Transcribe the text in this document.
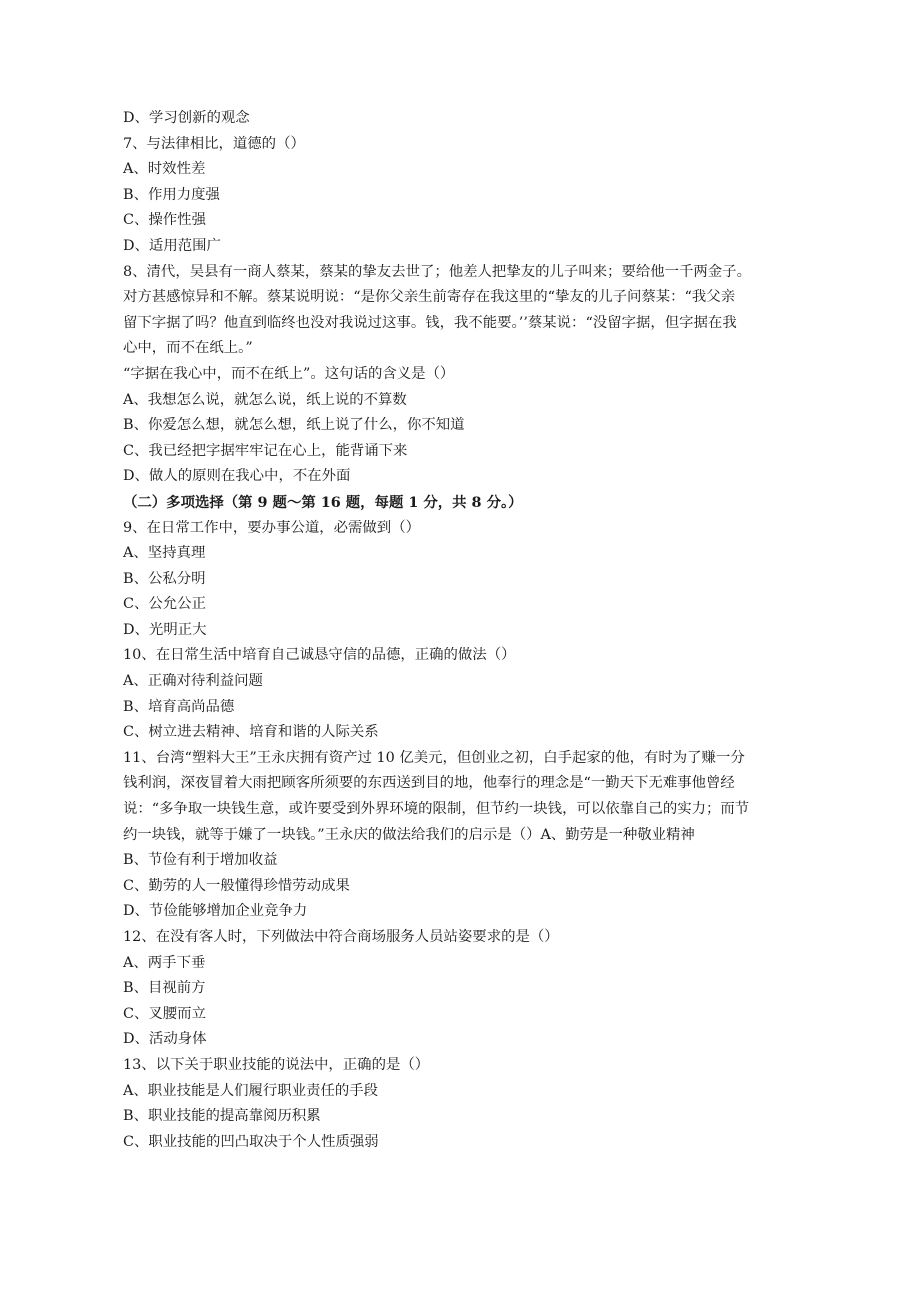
D、学习创新的观念
7、与法律相比，道德的（）
A、时效性差
B、作用力度强
C、操作性强
D、适用范围广
8、清代，吴县有一商人蔡某，蔡某的挚友去世了；他差人把挚友的儿子叫来；要给他一千两金子。
对方甚感惊异和不解。蔡某说明说：“是你父亲生前寄存在我这里的“挚友的儿子问蔡某：“我父亲
留下字据了吗？他直到临终也没对我说过这事。钱，我不能要。’’蔡某说：“没留字据，但字据在我
心中，而不在纸上。”
“字据在我心中，而不在纸上”。这句话的含义是（）
A、我想怎么说，就怎么说，纸上说的不算数
B、你爱怎么想，就怎么想，纸上说了什么，你不知道
C、我已经把字据牢牢记在心上，能背诵下来
D、做人的原则在我心中，不在外面
（二）多项选择（第 9 题～第 16 题，每题 1 分，共 8 分。）
9、在日常工作中，要办事公道，必需做到（）
A、坚持真理
B、公私分明
C、公允公正
D、光明正大
10、在日常生活中培育自己诚恳守信的品德，正确的做法（）
A、正确对待利益问题
B、培育高尚品德
C、树立进去精神、培育和谐的人际关系
11、台湾“塑料大王”王永庆拥有资产过 10 亿美元，但创业之初，白手起家的他，有时为了赚一分
钱利润，深夜冒着大雨把顾客所须要的东西送到目的地，他奉行的理念是“一勤天下无难事他曾经
说：“多争取一块钱生意，或许要受到外界环境的限制，但节约一块钱，可以依靠自己的实力；而节
约一块钱，就等于嫌了一块钱。”王永庆的做法给我们的启示是（）A、勤劳是一种敬业精神
B、节俭有利于增加收益
C、勤劳的人一般懂得珍惜劳动成果
D、节俭能够增加企业竞争力
12、在没有客人时，下列做法中符合商场服务人员站姿要求的是（）
A、两手下垂
B、目视前方
C、叉腰而立
D、活动身体
13、以下关于职业技能的说法中，正确的是（）
A、职业技能是人们履行职业责任的手段
B、职业技能的提高靠阅历积累
C、职业技能的凹凸取决于个人性质强弱
